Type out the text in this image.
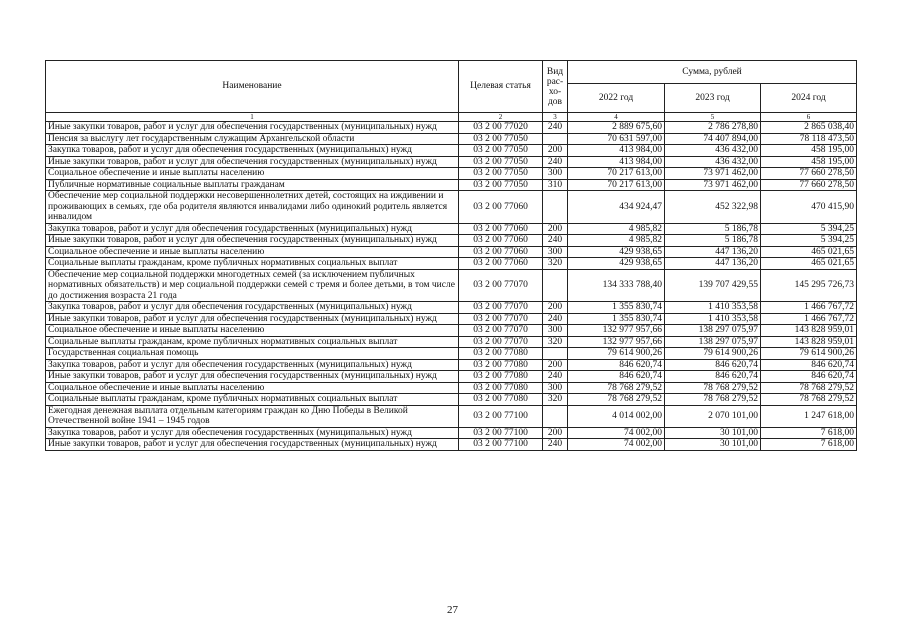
Наименование	Целевая статья	Вид
рас-
хо-
дов	Сумма, рублей		
			2022 год	2023 год	2024 год
1	2	3	4	5	6
Иные закупки товаров, работ и услуг для обеспечения государственных (муниципальных) нужд	03 2 00 77020	240	2 889 675,60	2 786 278,80	2 865 038,40
Пенсия за выслугу лет государственным служащим Архангельской области	03 2 00 77050		70 631 597,00	74 407 894,00	78 118 473,50
Закупка товаров, работ и услуг для обеспечения государственных (муниципальных) нужд	03 2 00 77050	200	413 984,00	436 432,00	458 195,00
Иные закупки товаров, работ и услуг для обеспечения государственных (муниципальных) нужд	03 2 00 77050	240	413 984,00	436 432,00	458 195,00
Социальное обеспечение и иные выплаты населению	03 2 00 77050	300	70 217 613,00	73 971 462,00	77 660 278,50
Публичные нормативные социальные выплаты гражданам	03 2 00 77050	310	70 217 613,00	73 971 462,00	77 660 278,50
Обеспечение мер социальной поддержки несовершеннолетних детей, состоящих на иждивении и проживающих в семьях, где оба родителя являются инвалидами либо одинокий родитель является инвалидом	03 2 00 77060		434 924,47	452 322,98	470 415,90
Закупка товаров, работ и услуг для обеспечения государственных (муниципальных) нужд	03 2 00 77060	200	4 985,82	5 186,78	5 394,25
Иные закупки товаров, работ и услуг для обеспечения государственных (муниципальных) нужд	03 2 00 77060	240	4 985,82	5 186,78	5 394,25
Социальное обеспечение и иные выплаты населению	03 2 00 77060	300	429 938,65	447 136,20	465 021,65
Социальные выплаты гражданам, кроме публичных нормативных социальных выплат	03 2 00 77060	320	429 938,65	447 136,20	465 021,65
Обеспечение мер социальной поддержки многодетных семей (за исключением публичных нормативных обязательств) и мер социальной поддержки семей с тремя и более детьми, в том числе до достижения возраста 21 года	03 2 00 77070		134 333 788,40	139 707 429,55	145 295 726,73
Закупка товаров, работ и услуг для обеспечения государственных (муниципальных) нужд	03 2 00 77070	200	1 355 830,74	1 410 353,58	1 466 767,72
Иные закупки товаров, работ и услуг для обеспечения государственных (муниципальных) нужд	03 2 00 77070	240	1 355 830,74	1 410 353,58	1 466 767,72
Социальное обеспечение и иные выплаты населению	03 2 00 77070	300	132 977 957,66	138 297 075,97	143 828 959,01
Социальные выплаты гражданам, кроме публичных нормативных социальных выплат	03 2 00 77070	320	132 977 957,66	138 297 075,97	143 828 959,01
Государственная социальная помощь	03 2 00 77080		79 614 900,26	79 614 900,26	79 614 900,26
Закупка товаров, работ и услуг для обеспечения государственных (муниципальных) нужд	03 2 00 77080	200	846 620,74	846 620,74	846 620,74
Иные закупки товаров, работ и услуг для обеспечения государственных (муниципальных) нужд	03 2 00 77080	240	846 620,74	846 620,74	846 620,74
Социальное обеспечение и иные выплаты населению	03 2 00 77080	300	78 768 279,52	78 768 279,52	78 768 279,52
Социальные выплаты гражданам, кроме публичных нормативных социальных выплат	03 2 00 77080	320	78 768 279,52	78 768 279,52	78 768 279,52
Ежегодная денежная выплата отдельным категориям граждан ко Дню Победы в Великой Отечественной войне 1941 – 1945 годов	03 2 00 77100		4 014 002,00	2 070 101,00	1 247 618,00
Закупка товаров, работ и услуг для обеспечения государственных (муниципальных) нужд	03 2 00 77100	200	74 002,00	30 101,00	7 618,00
Иные закупки товаров, работ и услуг для обеспечения государственных (муниципальных) нужд	03 2 00 77100	240	74 002,00	30 101,00	7 618,00
27
